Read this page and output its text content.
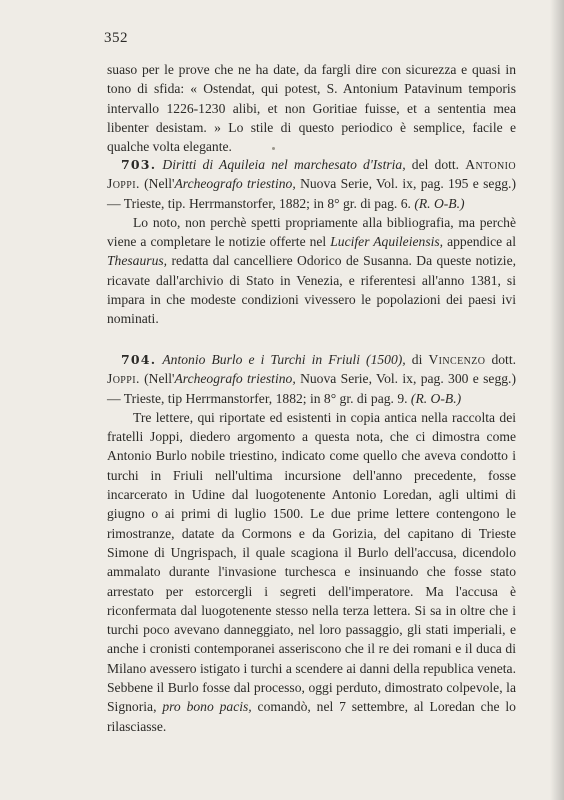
352

suaso per le prove che ne ha date, da fargli dire con sicurezza e quasi in tono di sfida: « Ostendat, qui potest, S. Antonium Patavinum temporis intervallo 1226-1230 alibi, et non Goritiae fuisse, et a sententia mea libenter desistam. » Lo stile di questo periodico è semplice, facile e qualche volta elegante.

703. Diritti di Aquileia nel marchesato d'Istria, del dott. Antonio Joppi. (Nell'Archeografo triestino, Nuova Serie, Vol. ix, pag. 195 e segg.) — Trieste, tip. Herrmanstorfer, 1882; in 8° gr. di pag. 6. (R. O-B.)

Lo noto, non perchè spetti propriamente alla bibliografia, ma perchè viene a completare le notizie offerte nel Lucifer Aquileiensis, appendice al Thesaurus, redatta dal cancelliere Odorico de Susanna. Da queste notizie, ricavate dall'archivio di Stato in Venezia, e riferentesi all'anno 1381, si impara in che modeste condizioni vivessero le popolazioni dei paesi ivi nominati.

704. Antonio Burlo e i Turchi in Friuli (1500), di Vincenzo dott. Joppi. (Nell'Archeografo triestino, Nuova Serie, Vol. ix, pag. 300 e segg.) — Trieste, tip Herrmanstorfer, 1882; in 8° gr. di pag. 9. (R. O-B.)

Tre lettere, qui riportate ed esistenti in copia antica nella raccolta dei fratelli Joppi, diedero argomento a questa nota, che ci dimostra come Antonio Burlo nobile triestino, indicato come quello che aveva condotto i turchi in Friuli nell'ultima incursione dell'anno precedente, fosse incarcerato in Udine dal luogotenente Antonio Loredan, agli ultimi di giugno o ai primi di luglio 1500. Le due prime lettere contengono le rimostranze, datate da Cormons e da Gorizia, del capitano di Trieste Simone di Ungrispach, il quale scagiona il Burlo dell'accusa, dicendolo ammalato durante l'invasione turchesca e insinuando che fosse stato arrestato per estorcergli i segreti dell'imperatore. Ma l'accusa è riconfermata dal luogotenente stesso nella terza lettera. Si sa in oltre che i turchi poco avevano danneggiato, nel loro passaggio, gli stati imperiali, e anche i cronisti contemporanei asseriscono che il re dei romani e il duca di Milano avessero istigato i turchi a scendere ai danni della republica veneta. Sebbene il Burlo fosse dal processo, oggi perduto, dimostrato colpevole, la Signoria, pro bono pacis, comandò, nel 7 settembre, al Loredan che lo rilasciasse.
